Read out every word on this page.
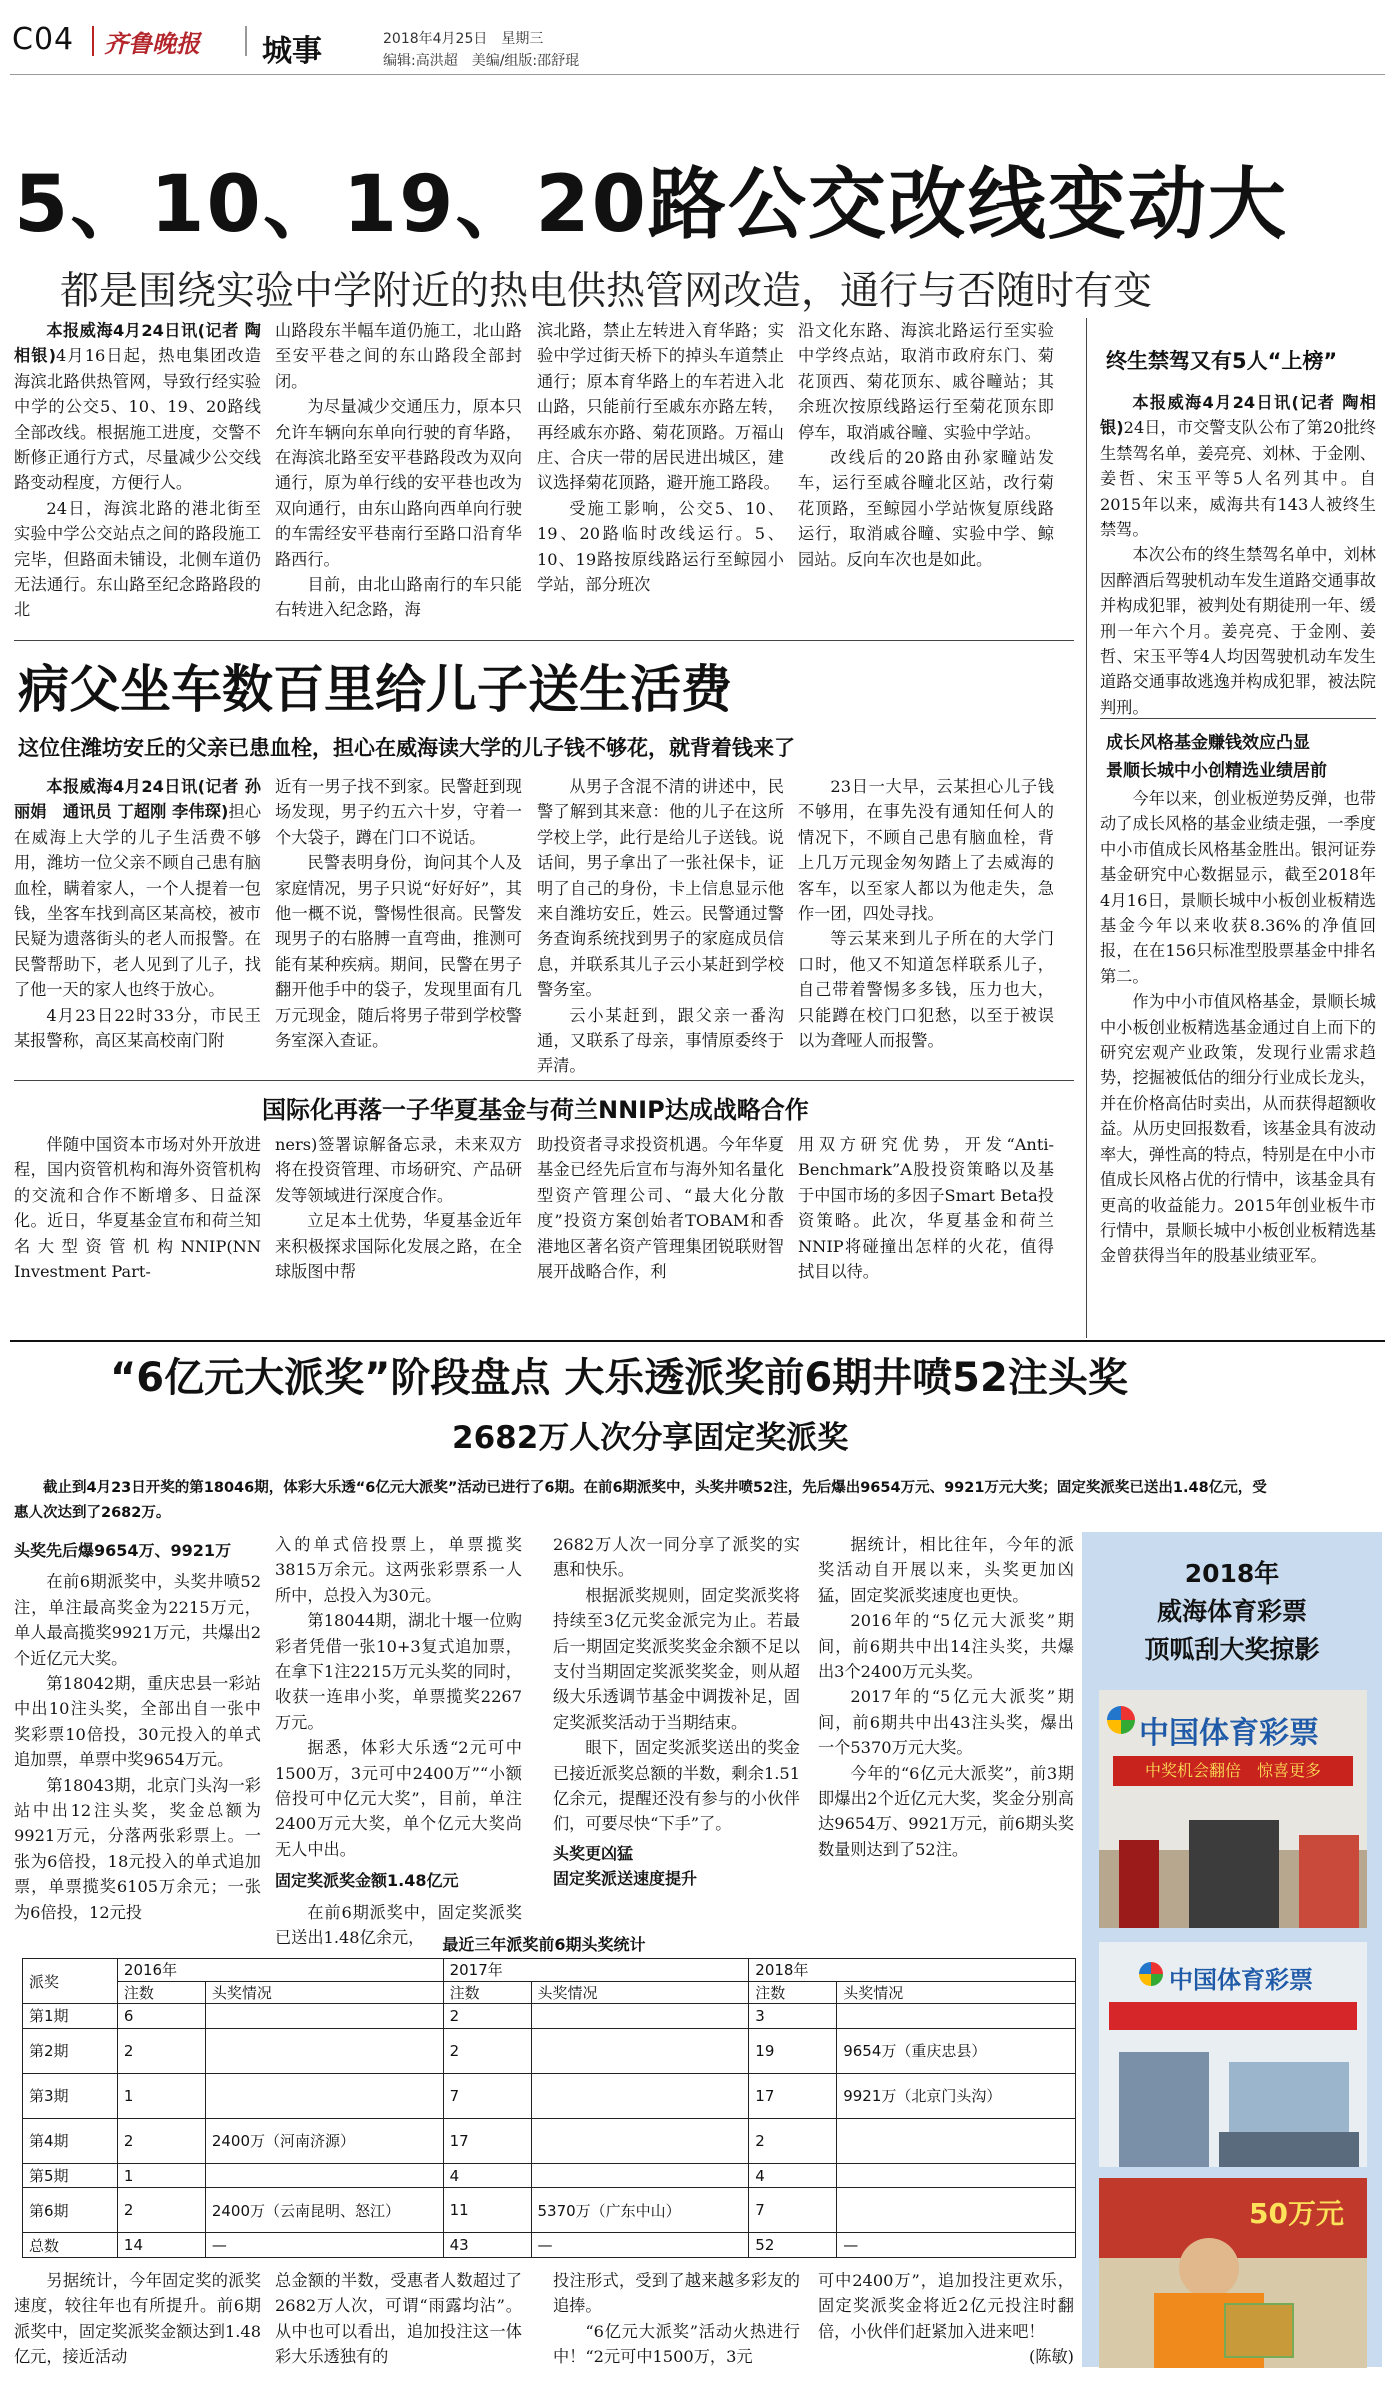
C04 齐鲁晚报 城事	2018年4月25日　星期三
编辑:高洪超　美编/组版:邵舒琨
5、10、19、20路公交改线变动大
都是围绕实验中学附近的热电供热管网改造，通行与否随时有变

本报威海4月24日讯(记者 陶相银)4月16日起，热电集团改造海滨北路供热管网，导致行经实验中学的公交5、10、19、20路线全部改线。根据施工进度，交警不断修正通行方式，尽量减少公交线路变动程度，方便行人。

24日，海滨北路的港北街至实验中学公交站点之间的路段施工完毕，但路面未铺设，北侧车道仍无法通行。东山路至纪念路路段的北

山路段东半幅车道仍施工，北山路至安平巷之间的东山路段全部封闭。

为尽量减少交通压力，原本只允许车辆向东单向行驶的育华路，在海滨北路至安平巷路段改为双向通行，原为单行线的安平巷也改为双向通行，由东山路向西单向行驶的车需经安平巷南行至路口沿育华路西行。

目前，由北山路南行的车只能右转进入纪念路，海

滨北路，禁止左转进入育华路；实验中学过街天桥下的掉头车道禁止通行；原本育华路上的车若进入北山路，只能前行至戚东亦路左转，再经戚东亦路、菊花顶路。万福山庄、合庆一带的居民进出城区，建议选择菊花顶路，避开施工路段。

受施工影响，公交5、10、19、20路临时改线运行。5、10、19路按原线路运行至鲸园小学站，部分班次

沿文化东路、海滨北路运行至实验中学终点站，取消市政府东门、菊花顶西、菊花顶东、戚谷疃站；其余班次按原线路运行至菊花顶东即停车，取消戚谷疃、实验中学站。

改线后的20路由孙家疃站发车，运行至戚谷疃北区站，改行菊花顶路，至鲸园小学站恢复原线路运行，取消戚谷疃、实验中学、鲸园站。反向车次也是如此。

终生禁驾又有5人“上榜”

本报威海4月24日讯(记者 陶相银)24日，市交警支队公布了第20批终生禁驾名单，姜亮亮、刘林、于金刚、姜哲、宋玉平等5人名列其中。自2015年以来，威海共有143人被终生禁驾。

本次公布的终生禁驾名单中，刘林因醉酒后驾驶机动车发生道路交通事故并构成犯罪，被判处有期徒刑一年、缓刑一年六个月。姜亮亮、于金刚、姜哲、宋玉平等4人均因驾驶机动车发生道路交通事故逃逸并构成犯罪，被法院判刑。

病父坐车数百里给儿子送生活费
这位住潍坊安丘的父亲已患血栓，担心在威海读大学的儿子钱不够花，就背着钱来了

本报威海4月24日讯(记者 孙丽娟　通讯员 丁超刚 李伟琛)担心在威海上大学的儿子生活费不够用，潍坊一位父亲不顾自己患有脑血栓，瞒着家人，一个人提着一包钱，坐客车找到高区某高校，被市民疑为遗落街头的老人而报警。在民警帮助下，老人见到了儿子，找了他一天的家人也终于放心。

4月23日22时33分，市民王某报警称，高区某高校南门附

近有一男子找不到家。民警赶到现场发现，男子约五六十岁，守着一个大袋子，蹲在门口不说话。

民警表明身份，询问其个人及家庭情况，男子只说“好好好”，其他一概不说，警惕性很高。民警发现男子的右胳膊一直弯曲，推测可能有某种疾病。期间，民警在男子翻开他手中的袋子，发现里面有几万元现金，随后将男子带到学校警务室深入查证。

从男子含混不清的讲述中，民警了解到其来意：他的儿子在这所学校上学，此行是给儿子送钱。说话间，男子拿出了一张社保卡，证明了自己的身份，卡上信息显示他来自潍坊安丘，姓云。民警通过警务查询系统找到男子的家庭成员信息，并联系其儿子云小某赶到学校警务室。

云小某赶到，跟父亲一番沟通，又联系了母亲，事情原委终于弄清。

23日一大早，云某担心儿子钱不够用，在事先没有通知任何人的情况下，不顾自己患有脑血栓，背上几万元现金匆匆踏上了去威海的客车，以至家人都以为他走失，急作一团，四处寻找。

等云某来到儿子所在的大学门口时，他又不知道怎样联系儿子，自己带着警惕多多钱，压力也大，只能蹲在校门口犯愁，以至于被误以为聋哑人而报警。

成长风格基金赚钱效应凸显
景顺长城中小创精选业绩居前

今年以来，创业板逆势反弹，也带动了成长风格的基金业绩走强，一季度中小市值成长风格基金胜出。银河证券基金研究中心数据显示，截至2018年4月16日，景顺长城中小板创业板精选基金今年以来收获8.36%的净值回报，在在156只标准型股票基金中排名第二。

作为中小市值风格基金，景顺长城中小板创业板精选基金通过自上而下的研究宏观产业政策，发现行业需求趋势，挖掘被低估的细分行业成长龙头，并在价格高估时卖出，从而获得超额收益。从历史回报数看，该基金具有波动率大，弹性高的特点，特别是在中小市值成长风格占优的行情中，该基金具有更高的收益能力。2015年创业板牛市行情中，景顺长城中小板创业板精选基金曾获得当年的股基业绩亚军。

国际化再落一子华夏基金与荷兰NNIP达成战略合作

伴随中国资本市场对外开放进程，国内资管机构和海外资管机构的交流和合作不断增多、日益深化。近日，华夏基金宣布和荷兰知名大型资管机构NNIP(NN Investment Part-

ners)签署谅解备忘录，未来双方将在投资管理、市场研究、产品研发等领域进行深度合作。

立足本土优势，华夏基金近年来积极探求国际化发展之路，在全球版图中帮

助投资者寻求投资机遇。今年华夏基金已经先后宣布与海外知名量化型资产管理公司、“最大化分散度”投资方案创始者TOBAM和香港地区著名资产管理集团锐联财智展开战略合作，利

用双方研究优势，开发“Anti-Benchmark”A股投资策略以及基于中国市场的多因子Smart Beta投资策略。此次，华夏基金和荷兰NNIP将碰撞出怎样的火花，值得拭目以待。

“6亿元大派奖”阶段盘点 大乐透派奖前6期井喷52注头奖
2682万人次分享固定奖派奖
截止到4月23日开奖的第18046期，体彩大乐透“6亿元大派奖”活动已进行了6期。在前6期派奖中，头奖井喷52注，先后爆出9654万元、9921万元大奖；固定奖派奖已送出1.48亿元，受惠人次达到了2682万。
头奖先后爆9654万、9921万

在前6期派奖中，头奖井喷52注，单注最高奖金为2215万元，单人最高揽奖9921万元，共爆出2个近亿元大奖。

第18042期，重庆忠县一彩站中出10注头奖，全部出自一张中奖彩票10倍投，30元投入的单式追加票，单票中奖9654万元。

第18043期，北京门头沟一彩站中出12注头奖，奖金总额为9921万元，分落两张彩票上。一张为6倍投，18元投入的单式追加票，单票揽奖6105万余元；一张为6倍投，12元投

入的单式倍投票上，单票揽奖3815万余元。这两张彩票系一人所中，总投入为30元。

第18044期，湖北十堰一位购彩者凭借一张10+3复式追加票，在拿下1注2215万元头奖的同时，收获一连串小奖，单票揽奖2267万元。

据悉，体彩大乐透“2元可中1500万，3元可中2400万”“小额倍投可中亿元大奖”，目前，单注2400万元大奖，单个亿元大奖尚无人中出。

固定奖派奖金额1.48亿元

在前6期派奖中，固定奖派奖已送出1.48亿余元，

2682万人次一同分享了派奖的实惠和快乐。

根据派奖规则，固定奖派奖将持续至3亿元奖金派完为止。若最后一期固定奖派奖奖金余额不足以支付当期固定奖派奖奖金，则从超级大乐透调节基金中调拨补足，固定奖派奖活动于当期结束。

眼下，固定奖派奖送出的奖金已接近派奖总额的半数，剩余1.51亿余元，提醒还没有参与的小伙伴们，可要尽快“下手”了。

头奖更凶猛
固定奖派送速度提升

据统计，相比往年，今年的派奖活动自开展以来，头奖更加凶猛，固定奖派奖速度也更快。

2016年的“5亿元大派奖”期间，前6期共中出14注头奖，共爆出3个2400万元头奖。

2017年的“5亿元大派奖”期间，前6期共中出43注头奖，爆出一个5370万元大奖。

今年的“6亿元大派奖”，前3期即爆出2个近亿元大奖，奖金分别高达9654万、9921万元，前6期头奖数量则达到了52注。

2018年
威海体育彩票
顶呱刮大奖掠影
中国体育彩票
中奖机会翻倍　惊喜更多
中国体育彩票
50万元
最近三年派奖前6期头奖统计
派奖	2016年		2017年		2018年	
	注数	头奖情况	注数	头奖情况	注数	头奖情况
第1期	6		2		3	
第2期	2		2		19	9654万（重庆忠县）
第3期	1		7		17	9921万（北京门头沟）
第4期	2	2400万（河南济源）	17		2	
第5期	1		4		4	
第6期	2	2400万（云南昆明、怒江）	11	5370万（广东中山）	7	
总数	14	—	43	—	52	—

另据统计，今年固定奖的派奖速度，较往年也有所提升。前6期派奖中，固定奖派奖金额达到1.48亿元，接近活动

总金额的半数，受惠者人数超过了2682万人次，可谓“雨露均沾”。从中也可以看出，追加投注这一体彩大乐透独有的

投注形式，受到了越来越多彩友的追捧。

“6亿元大派奖”活动火热进行中！“2元可中1500万，3元

可中2400万”，追加投注更欢乐，固定奖派奖金将近2亿元投注时翻倍，小伙伴们赶紧加入进来吧！

(陈敏)
